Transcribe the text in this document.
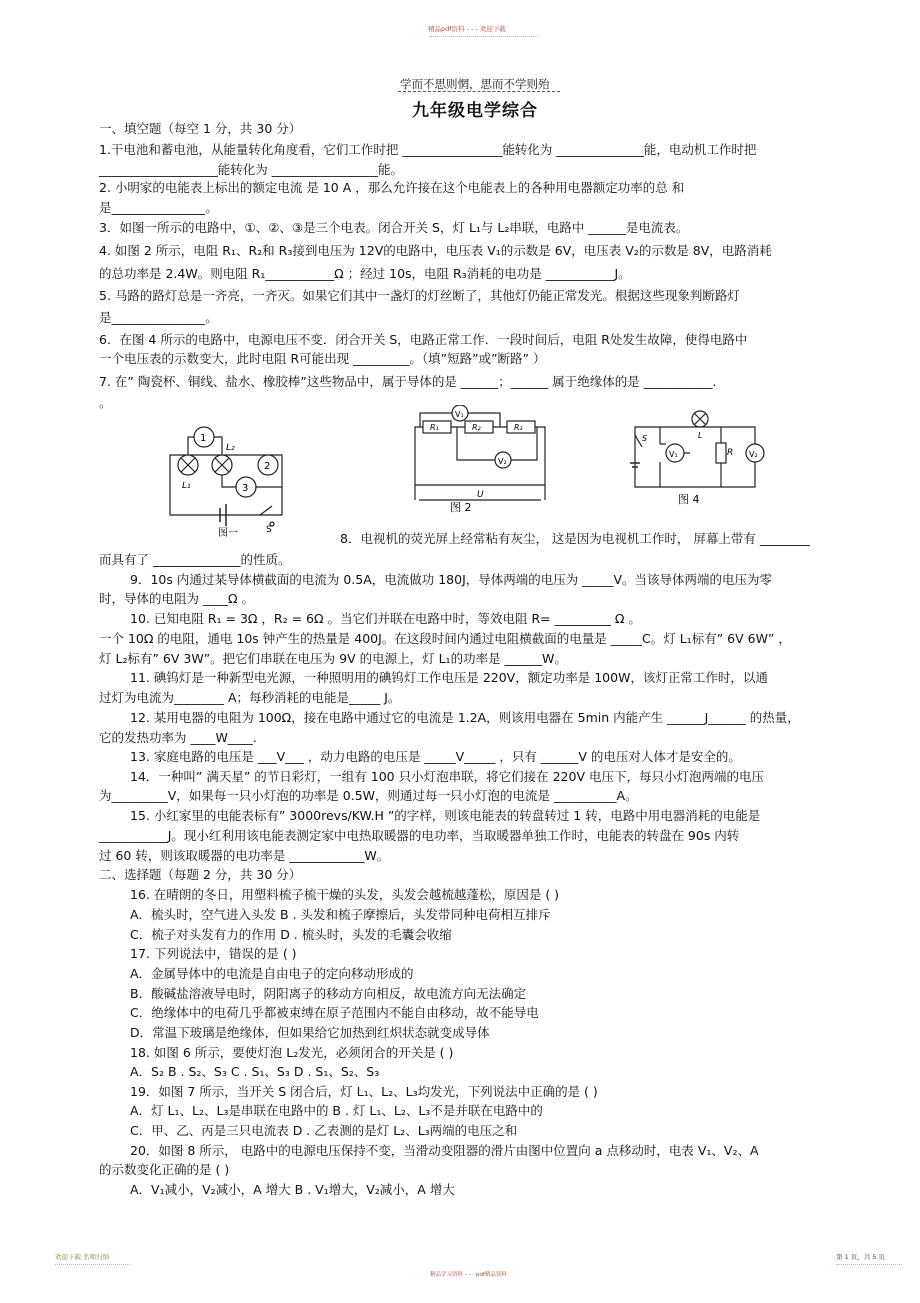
精品pdf资料 - - - 欢迎下载
学而不思则惘，思而不学则殆
九年级电学综合
一、填空题（每空 1 分，共 30 分）
1.干电池和蓄电池，从能量转化角度看，它们工作时把 ________________能转化为 ______________能，电动机工作时把
___________________能转化为 _________________能。
2. 小明家的电能表上标出的额定电流 是 10 A ，那么允许接在这个电能表上的各种用电器额定功率的总 和
是_______________。
3．如图一所示的电路中，①、②、③是三个电表。闭合开关 S，灯 L₁与 L₂串联，电路中 ______是电流表。
4. 如图 2 所示，电阻 R₁、R₂和 R₃接到电压为 12V的电路中，电压表 V₁的示数是 6V，电压表 V₂的示数是 8V，电路消耗
的总功率是 2.4W。则电阻 R₁___________Ω ；经过 10s，电阻 R₃消耗的电功是 ___________J。
5. 马路的路灯总是一齐亮，一齐灭。如果它们其中一盏灯的灯丝断了，其他灯仍能正常发光。根据这些现象判断路灯
是_______________。
6．在图 4 所示的电路中，电源电压不变．闭合开关 S，电路正常工作．一段时间后，电阻 R处发生故障，使得电路中
一个电压表的示数变大，此时电阻 R可能出现 _________。（填”短路”或”断路” ）
7. 在” 陶瓷杯、铜线、盐水、橡胶棒”这些物品中，属于导体的是 ______；______ 属于绝缘体的是 ___________.
。
1
2
3
L₁
L₂
S
图一
V₁
V₂
R₁	R₂	R₃
U
图 2
V₁	V₂
R
L
S
图 4
8．电视机的荧光屏上经常粘有灰尘， 这是因为电视机工作时， 屏幕上带有 ________
而具有了 ______________的性质。
9．10s 内通过某导体横截面的电流为 0.5A，电流做功 180J，导体两端的电压为 _____V。当该导体两端的电压为零
时，导体的电阻为 ____Ω 。
10. 已知电阻 R₁ = 3Ω ，R₂ = 6Ω 。当它们并联在电路中时，等效电阻 R= _________ Ω 。
一个 10Ω 的电阻，通电 10s 钟产生的热量是 400J。在这段时间内通过电阻横截面的电量是 _____C。灯 L₁标有” 6V 6W” ，
灯 L₂标有” 6V 3W”。把它们串联在电压为 9V 的电源上，灯 L₁的功率是 ______W。
11. 碘钨灯是一种新型电光源，一种照明用的碘钨灯工作电压是 220V，额定功率是 100W，该灯正常工作时，以通
过灯为电流为________ A；每秒消耗的电能是_____ J。
12. 某用电器的电阻为 100Ω，接在电路中通过它的电流是 1.2A，则该用电器在 5min 内能产生 ______J______ 的热量，
它的发热功率为 ____W____.
13. 家庭电路的电压是 ___V___ ，动力电路的电压是 _____V_____ ，只有 ______V 的电压对人体才是安全的。
14．一种叫” 满天星” 的节日彩灯，一组有 100 只小灯泡串联，将它们接在 220V 电压下，每只小灯泡两端的电压
为_________V，如果每一只小灯泡的功率是 0.5W，则通过每一只小灯泡的电流是 __________A。
15. 小红家里的电能表标有” 3000revs/KW.H ”的字样，则该电能表的转盘转过 1 转，电路中用电器消耗的电能是
___________J。现小红利用该电能表测定家中电热取暖器的电功率，当取暖器单独工作时，电能表的转盘在 90s 内转
过 60 转，则该取暖器的电功率是 ____________W。
二、选择题（每题 2 分，共 30 分）
16. 在晴朗的冬日，用塑料梳子梳干燥的头发，头发会越梳越蓬松，原因是 ( )
A．梳头时，空气进入头发 B . 头发和梳子摩擦后，头发带同种电荷相互排斥
C．梳子对头发有力的作用 D . 梳头时，头发的毛囊会收缩
17. 下列说法中，错误的是 ( )
A．金属导体中的电流是自由电子的定向移动形成的
B．酸碱盐溶液导电时，阴阳离子的移动方向相反，故电流方向无法确定
C．绝缘体中的电荷几乎都被束缚在原子范围内不能自由移动，故不能导电
D．常温下玻璃是绝缘体，但如果给它加热到红炽状态就变成导体
18. 如图 6 所示，要使灯泡 L₂发光，必须闭合的开关是 ( )
A．S₂ B . S₂、S₃ C . S₁、S₃ D . S₁、S₂、S₃
19．如图 7 所示，当开关 S 闭合后，灯 L₁、L₂、L₃均发光，下列说法中正确的是 ( )
A．灯 L₁、L₂、L₃是串联在电路中的 B . 灯 L₁、L₂、L₃不是并联在电路中的
C．甲、乙、丙是三只电流表 D . 乙表测的是灯 L₂、L₃两端的电压之和
20．如图 8 所示， 电路中的电源电压保持不变，当滑动变阻器的滑片由图中位置向 a 点移动时，电表 V₁、V₂、A
的示数变化正确的是 ( )
A．V₁减小，V₂减小，A 增大 B . V₁增大，V₂减小，A 增大
欢迎下载 名师归纳
精品学习资料 - - - pdf精品资料
第 1 页，共 5 页
